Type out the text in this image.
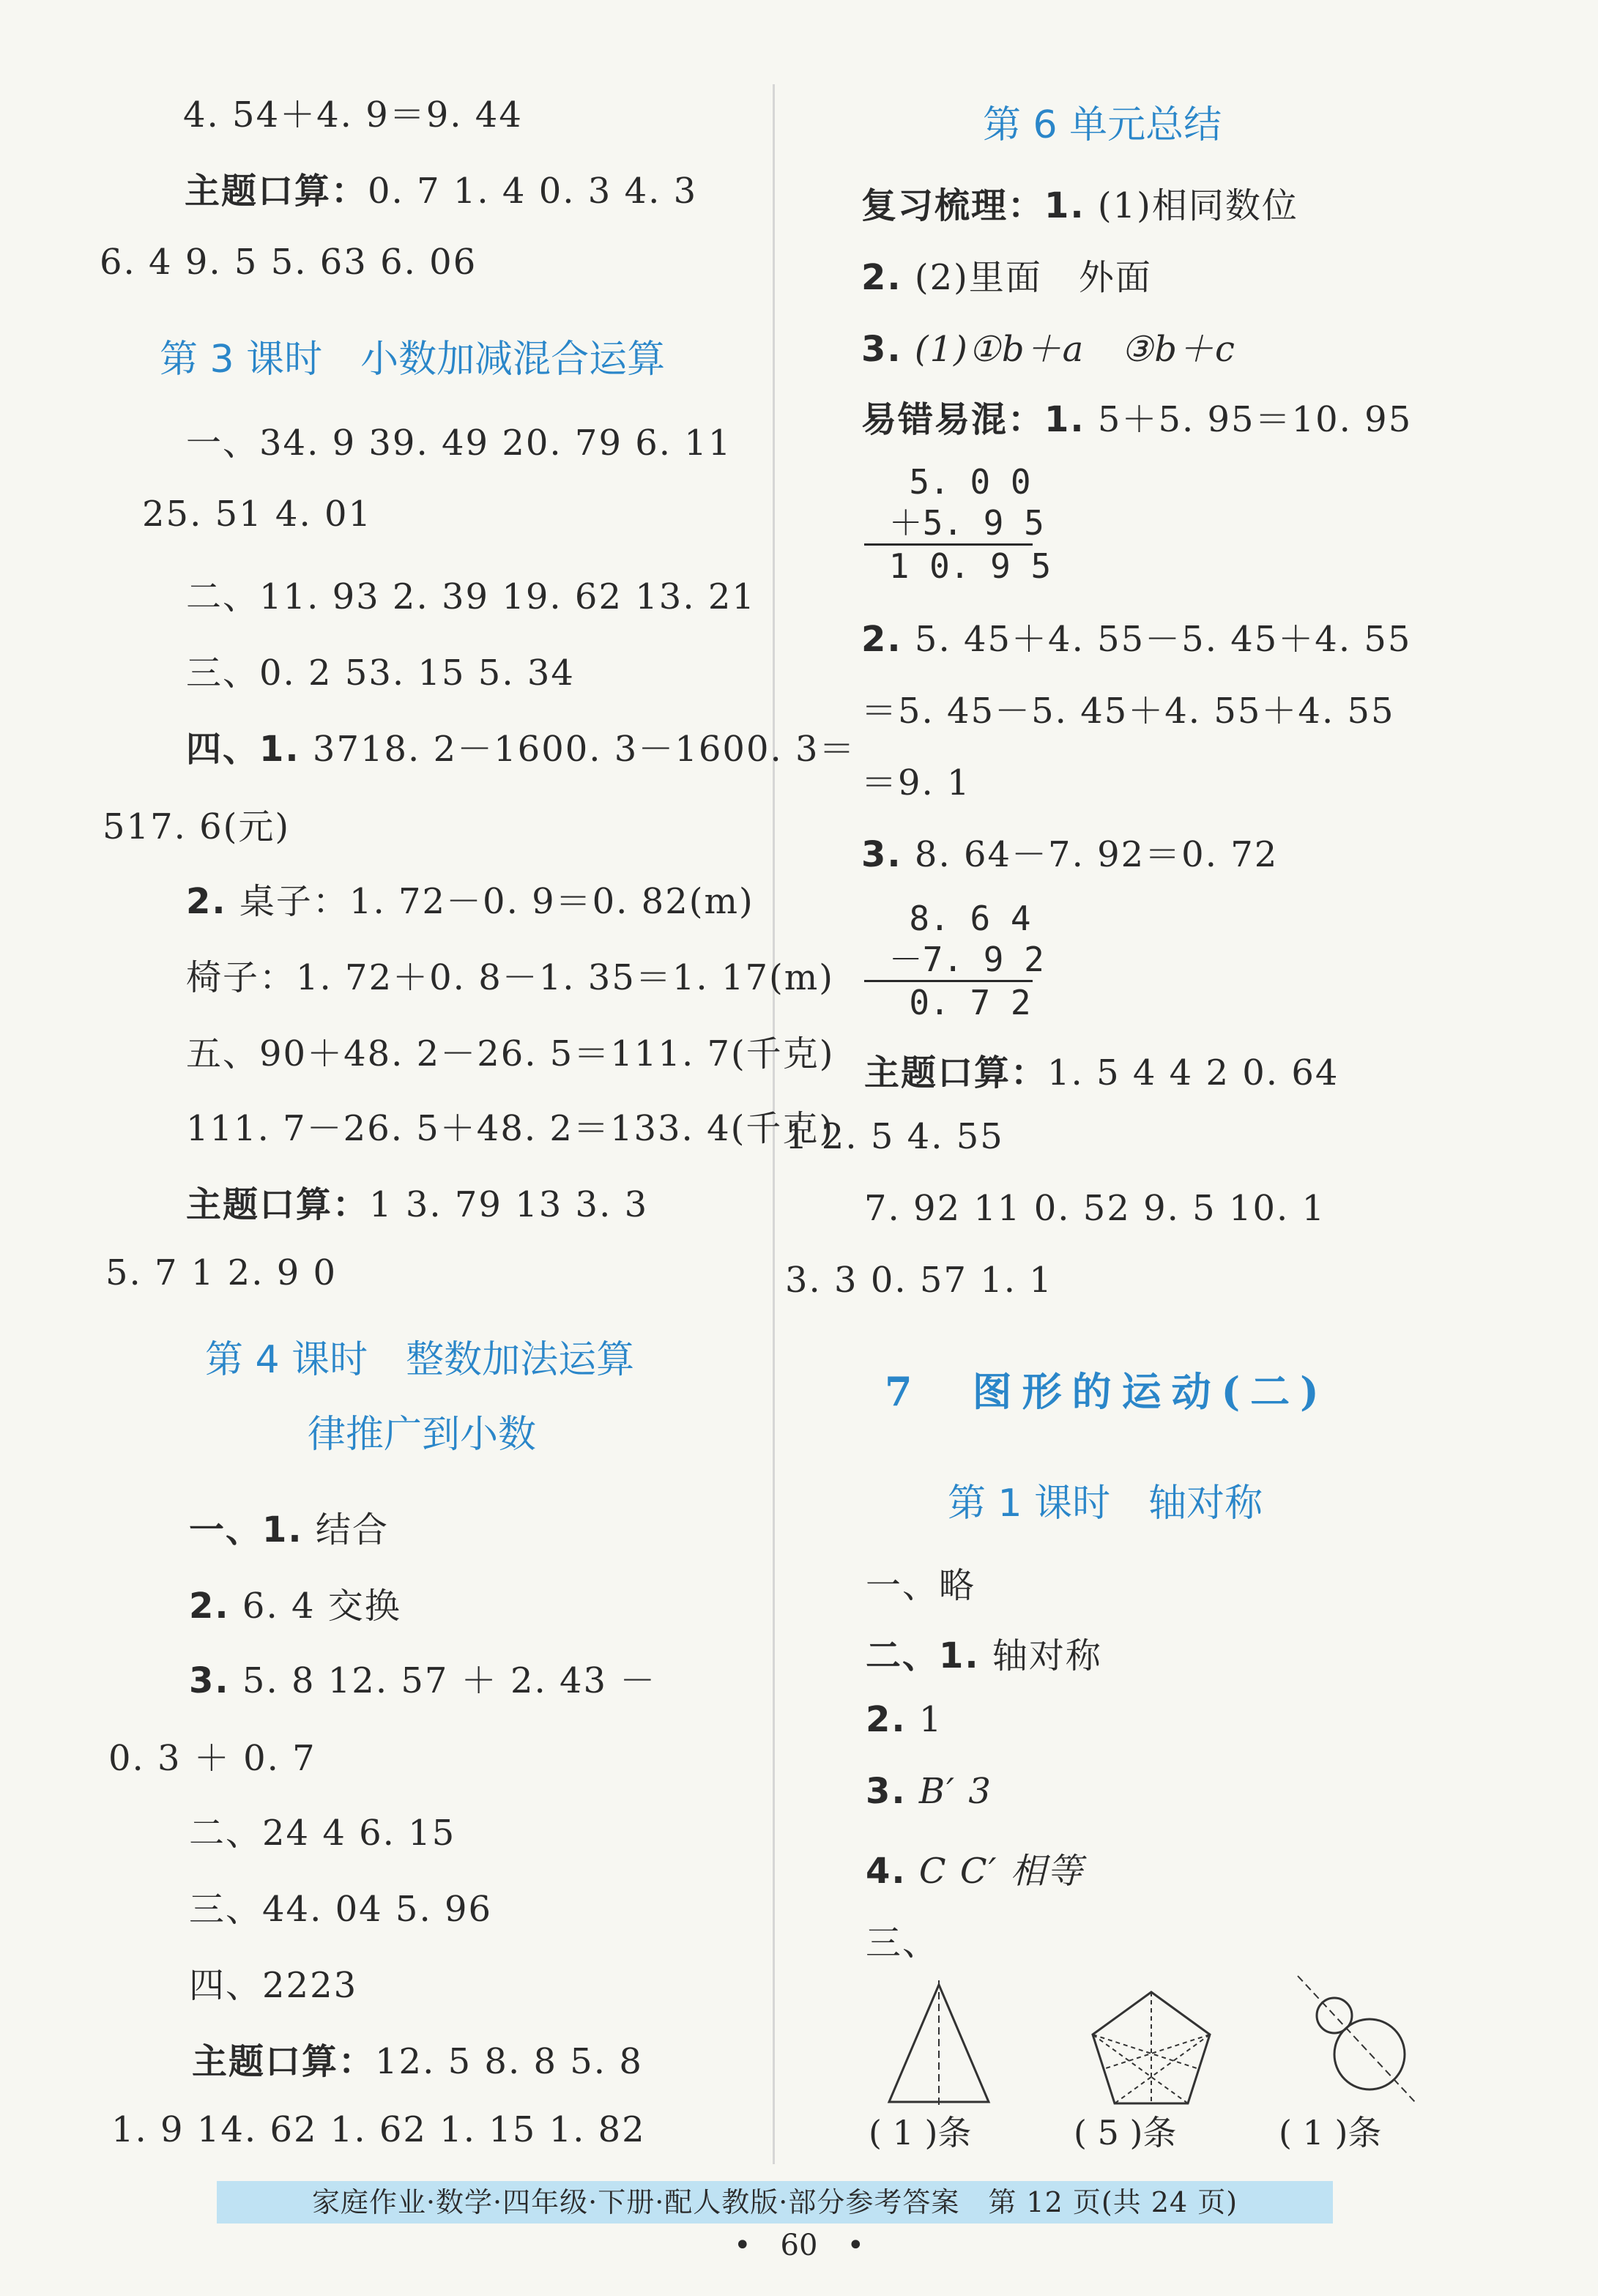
4. 54＋4. 9＝9. 44
主题口算：0. 7 1. 4 0. 3 4. 3
6. 4 9. 5 5. 63 6. 06
第 3 课时　小数加减混合运算
一、34. 9 39. 49 20. 79 6. 11
25. 51 4. 01
二、11. 93 2. 39 19. 62 13. 21
三、0. 2 53. 15 5. 34
四、1. 3718. 2－1600. 3－1600. 3＝
517. 6(元)
2. 桌子：1. 72－0. 9＝0. 82(m)
椅子：1. 72＋0. 8－1. 35＝1. 17(m)
五、90＋48. 2－26. 5＝111. 7(千克)
111. 7－26. 5＋48. 2＝133. 4(千克)
主题口算：1 3. 79 13 3. 3
5. 7 1 2. 9 0
第 4 课时　整数加法运算
律推广到小数
一、1. 结合
2. 6. 4 交换
3. 5. 8 12. 57 ＋ 2. 43 －
0. 3 ＋ 0. 7
二、24 4 6. 15
三、44. 04 5. 96
四、2223
主题口算：12. 5 8. 8 5. 8
1. 9 14. 62 1. 62 1. 15 1. 82
第 6 单元总结
复习梳理：1. (1)相同数位
2. (2)里面　外面
3. (1)①b＋a　③b＋c
易错易混：1. 5＋5. 95＝10. 95
5. 0 0
＋5. 9 5
1 0. 9 5
2. 5. 45＋4. 55－5. 45＋4. 55
＝5. 45－5. 45＋4. 55＋4. 55
＝9. 1
3. 8. 64－7. 92＝0. 72
8. 6 4
－7. 9 2
0. 7 2
主题口算：1. 5 4 4 2 0. 64
1 2. 5 4. 55
7. 92 11 0. 52 9. 5 10. 1
3. 3 0. 57 1. 1
7　图形的运动(二)
第 1 课时　轴对称
一、略
二、1. 轴对称
2. 1
3. B′ 3
4. C C′ 相等
三、
( 1 )条	( 5 )条	( 1 )条
家庭作业·数学·四年级·下册·配人教版·部分参考答案　第 12 页(共 24 页)
•　60　•
